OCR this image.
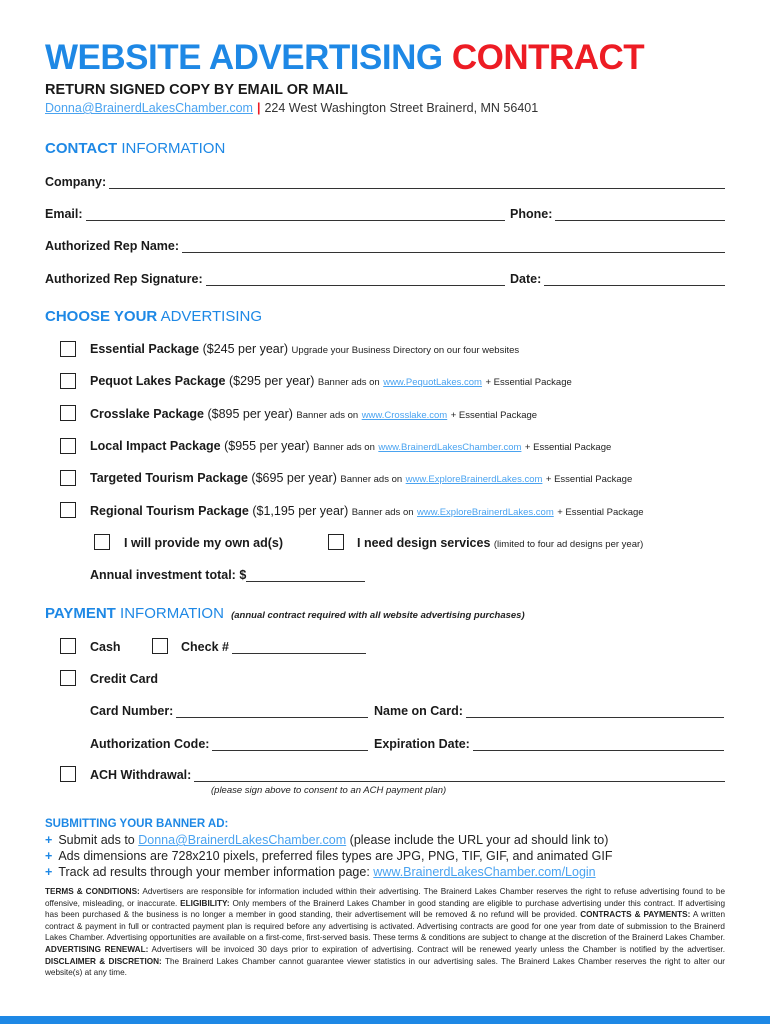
WEBSITE ADVERTISING CONTRACT
RETURN SIGNED COPY BY EMAIL OR MAIL
Donna@BrainerdLakesChamber.com | 224 West Washington Street Brainerd, MN 56401
CONTACT INFORMATION
Company:
Email:	Phone:
Authorized Rep Name:
Authorized Rep Signature:	Date:
CHOOSE YOUR ADVERTISING
Essential Package ($245 per year) Upgrade your Business Directory on our four websites
Pequot Lakes Package ($295 per year) Banner ads on www.PequotLakes.com + Essential Package
Crosslake Package ($895 per year) Banner ads on www.Crosslake.com + Essential Package
Local Impact Package ($955 per year) Banner ads on www.BrainerdLakesChamber.com + Essential Package
Targeted Tourism Package ($695 per year) Banner ads on www.ExploreBrainerdLakes.com + Essential Package
Regional Tourism Package ($1,195 per year) Banner ads on www.ExploreBrainerdLakes.com + Essential Package
I will provide my own ad(s)	I need design services (limited to four ad designs per year)
Annual investment total: $
PAYMENT INFORMATION (annual contract required with all website advertising purchases)
Cash	Check #
Credit Card
Card Number:	Name on Card:
Authorization Code:	Expiration Date:
ACH Withdrawal:
(please sign above to consent to an ACH payment plan)
SUBMITTING YOUR BANNER AD:
+ Submit ads to Donna@BrainerdLakesChamber.com (please include the URL your ad should link to)
+ Ads dimensions are 728x210 pixels, preferred files types are JPG, PNG, TIF, GIF, and animated GIF
+ Track ad results through your member information page: www.BrainerdLakesChamber.com/Login
TERMS & CONDITIONS: Advertisers are responsible for information included within their advertising. The Brainerd Lakes Chamber reserves the right to refuse advertising found to be offensive, misleading, or inaccurate. ELIGIBILITY: Only members of the Brainerd Lakes Chamber in good standing are eligible to purchase advertising under this contract. If advertising has been purchased & the business is no longer a member in good standing, their advertisement will be removed & no refund will be provided. CONTRACTS & PAYMENTS: A written contract & payment in full or contracted payment plan is required before any advertising is activated. Advertising contracts are good for one year from date of submission to the Brainerd Lakes Chamber. Advertising opportunities are available on a first-come, first-served basis. These terms & conditions are subject to change at the discretion of the Brainerd Lakes Chamber. ADVERTISING RENEWAL: Advertisers will be invoiced 30 days prior to expiration of advertising. Contract will be renewed yearly unless the Chamber is notified by the advertiser. DISCLAIMER & DISCRETION: The Brainerd Lakes Chamber cannot guarantee viewer statistics in our advertising sales. The Brainerd Lakes Chamber reserves the right to alter our website(s) at any time.
